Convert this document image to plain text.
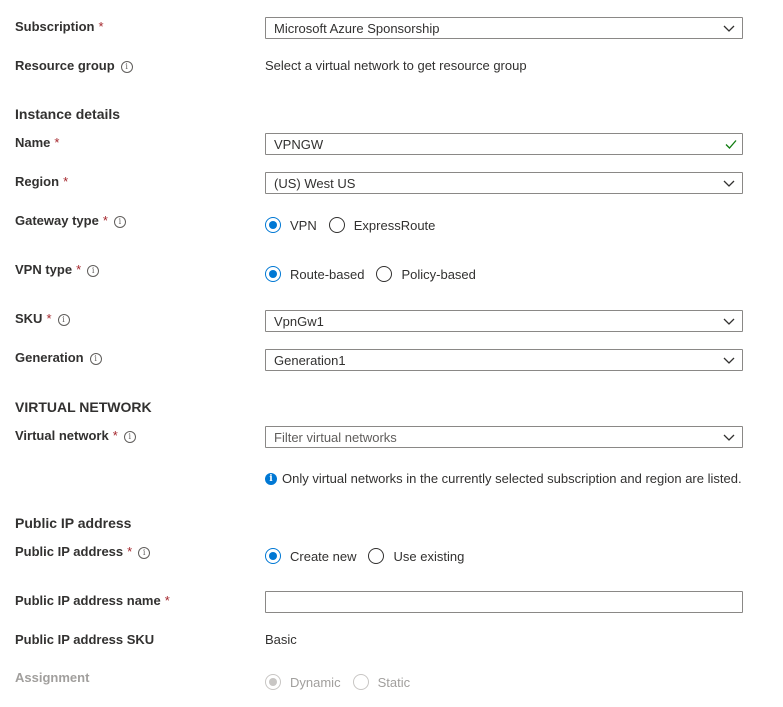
Subscription *	Microsoft Azure Sponsorship
Resource group i	Select a virtual network to get resource group
Instance details
Name *	VPNGW
Region *	(US) West US
Gateway type * i	VPN	ExpressRoute
VPN type * i	Route-based	Policy-based
SKU * i	VpnGw1
Generation i	Generation1
VIRTUAL NETWORK
Virtual network * i	Filter virtual networks
i Only virtual networks in the currently selected subscription and region are listed.
Public IP address
Public IP address * i	Create new	Use existing
Public IP address name *
Public IP address SKU	Basic
Assignment	Dynamic	Static
